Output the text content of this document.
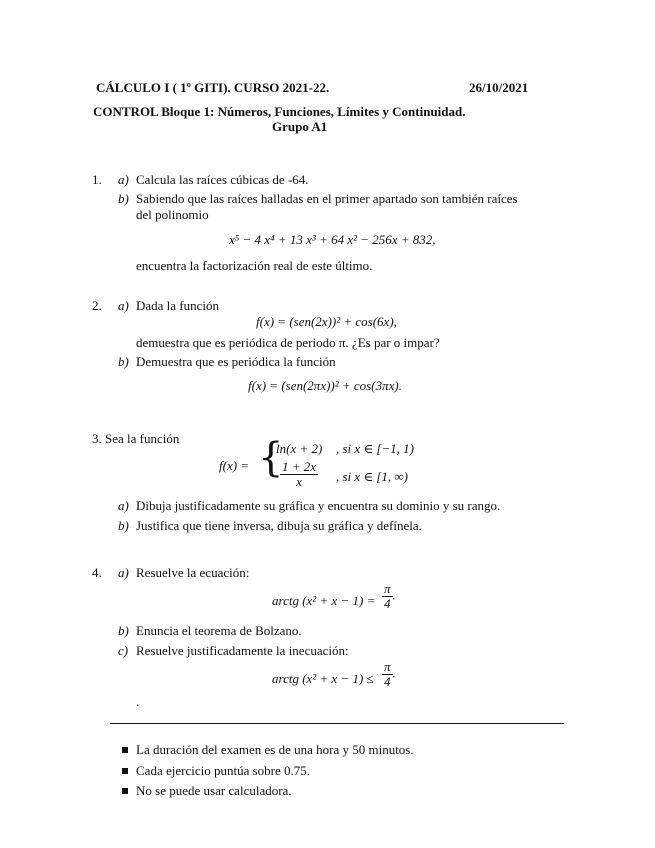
CÁLCULO I ( 1º GITI). CURSO 2021-22.	26/10/2021
CONTROL Bloque 1: Números, Funciones, Límites y Continuidad.
Grupo A1
1. a) Calcula las raíces cúbicas de -64.
b) Sabiendo que las raíces halladas en el primer apartado son también raíces
del polinomio
x⁵ − 4 x⁴ + 13 x³ + 64 x² − 256x + 832,
encuentra la factorización real de este último.
2. a) Dada la función
f(x) = (sen(2x))² + cos(6x),
demuestra que es periódica de periodo π. ¿Es par o impar?
b) Demuestra que es periódica la función
f(x) = (sen(2πx))² + cos(3πx).
3. Sea la función
f(x) = {
ln(x + 2) , si x ∈ [−1, 1)
$\frac{1 + 2x}{x}$ , si x ∈ [1, ∞)
a) Dibuja justificadamente su gráfica y encuentra su dominio y su rango.
b) Justifica que tiene inversa, dibuja su gráfica y defínela.
4. a) Resuelve la ecuación:
arctg $(x^2 + x - 1) = \frac{\pi}{4}$ .
b) Enuncia el teorema de Bolzano.
c) Resuelve justificadamente la inecuación:
arctg $(x^2 + x - 1) \le \frac{\pi}{4}$ .
.
La duración del examen es de una hora y 50 minutos.
Cada ejercicio puntúa sobre 0.75.
No se puede usar calculadora.
